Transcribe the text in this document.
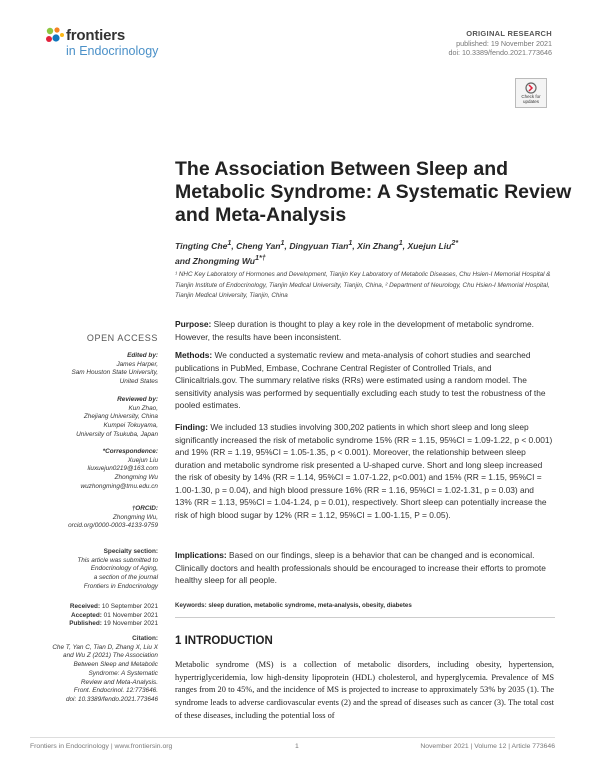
frontiers
in Endocrinology
ORIGINAL RESEARCH
published: 19 November 2021
doi: 10.3389/fendo.2021.773646
Check for updates
The Association Between Sleep and Metabolic Syndrome: A Systematic Review and Meta-Analysis
Tingting Che$^1$, Cheng Yan$^1$, Dingyuan Tian$^1$, Xin Zhang$^1$, Xuejun Liu$^{2*}$
and Zhongming $Wu^{1*\dagger}$
¹ NHC Key Laboratory of Hormones and Development, Tianjin Key Laboratory of Metabolic Diseases, Chu Hsien-I Memorial Hospital & Tianjin Institute of Endocrinology, Tianjin Medical University, Tianjin, China, ² Department of Neurology, Chu Hsien-I Memorial Hospital, Tianjin Medical University, Tianjin, China
OPEN ACCESS
Edited by:
James Harper,
Sam Houston State University,
United States
Reviewed by:
Kun Zhao,
Zhejiang University, China
Kumpei Tokuyama,
University of Tsukuba, Japan
*Correspondence:
Xuejun Liu
liuxuejun0219@163.com
Zhongming Wu
wuzhongming@tmu.edu.cn
†ORCID:
Zhongming Wu,
orcid.org/0000-0003-4133-9759
Specialty section:
This article was submitted to
Endocrinology of Aging,
a section of the journal
Frontiers in Endocrinology
Received: 10 September 2021
Accepted: 01 November 2021
Published: 19 November 2021
Citation:
Che T, Yan C, Tian D, Zhang X, Liu X
and Wu Z (2021) The Association
Between Sleep and Metabolic
Syndrome: A Systematic
Review and Meta-Analysis.
Front. Endocrinol. 12:773646.
doi: 10.3389/fendo.2021.773646
Purpose: Sleep duration is thought to play a key role in the development of metabolic syndrome. However, the results have been inconsistent.
Methods: We conducted a systematic review and meta-analysis of cohort studies and searched publications in PubMed, Embase, Cochrane Central Register of Controlled Trials, and Clinicaltrials.gov. The summary relative risks (RRs) were estimated using a random model. The sensitivity analysis was performed by sequentially excluding each study to test the robustness of the pooled estimates.
Finding: We included 13 studies involving 300,202 patients in which short sleep and long sleep significantly increased the risk of metabolic syndrome 15% (RR = 1.15, 95%CI = 1.09-1.22, p < 0.001) and 19% (RR = 1.19, 95%CI = 1.05-1.35, p < 0.001). Moreover, the relationship between sleep duration and metabolic syndrome risk presented a U-shaped curve. Short and long sleep increased the risk of obesity by 14% (RR = 1.14, 95%CI = 1.07-1.22, p<0.001) and 15% (RR = 1.15, 95%CI = 1.00-1.30, p = 0.04), and high blood pressure 16% (RR = 1.16, 95%CI = 1.02-1.31, p = 0.03) and 13% (RR = 1.13, 95%CI = 1.04-1.24, p = 0.01), respectively. Short sleep can potentially increase the risk of high blood sugar by 12% (RR = 1.12, 95%CI = 1.00-1.15, P = 0.05).
Implications: Based on our findings, sleep is a behavior that can be changed and is economical. Clinically doctors and health professionals should be encouraged to increase their efforts to promote healthy sleep for all people.
Keywords: sleep duration, metabolic syndrome, meta-analysis, obesity, diabetes
1 INTRODUCTION
Metabolic syndrome (MS) is a collection of metabolic disorders, including obesity, hypertension, hypertriglyceridemia, low high-density lipoprotein (HDL) cholesterol, and hyperglycemia. Prevalence of MS ranges from 20 to 45%, and the incidence of MS is projected to increase to approximately 53% by 2035 (1). The syndrome leads to adverse cardiovascular events (2) and the spread of diseases such as cancer (3). The total cost of these diseases, including the potential loss of
Frontiers in Endocrinology | www.frontiersin.org	1	November 2021 | Volume 12 | Article 773646
